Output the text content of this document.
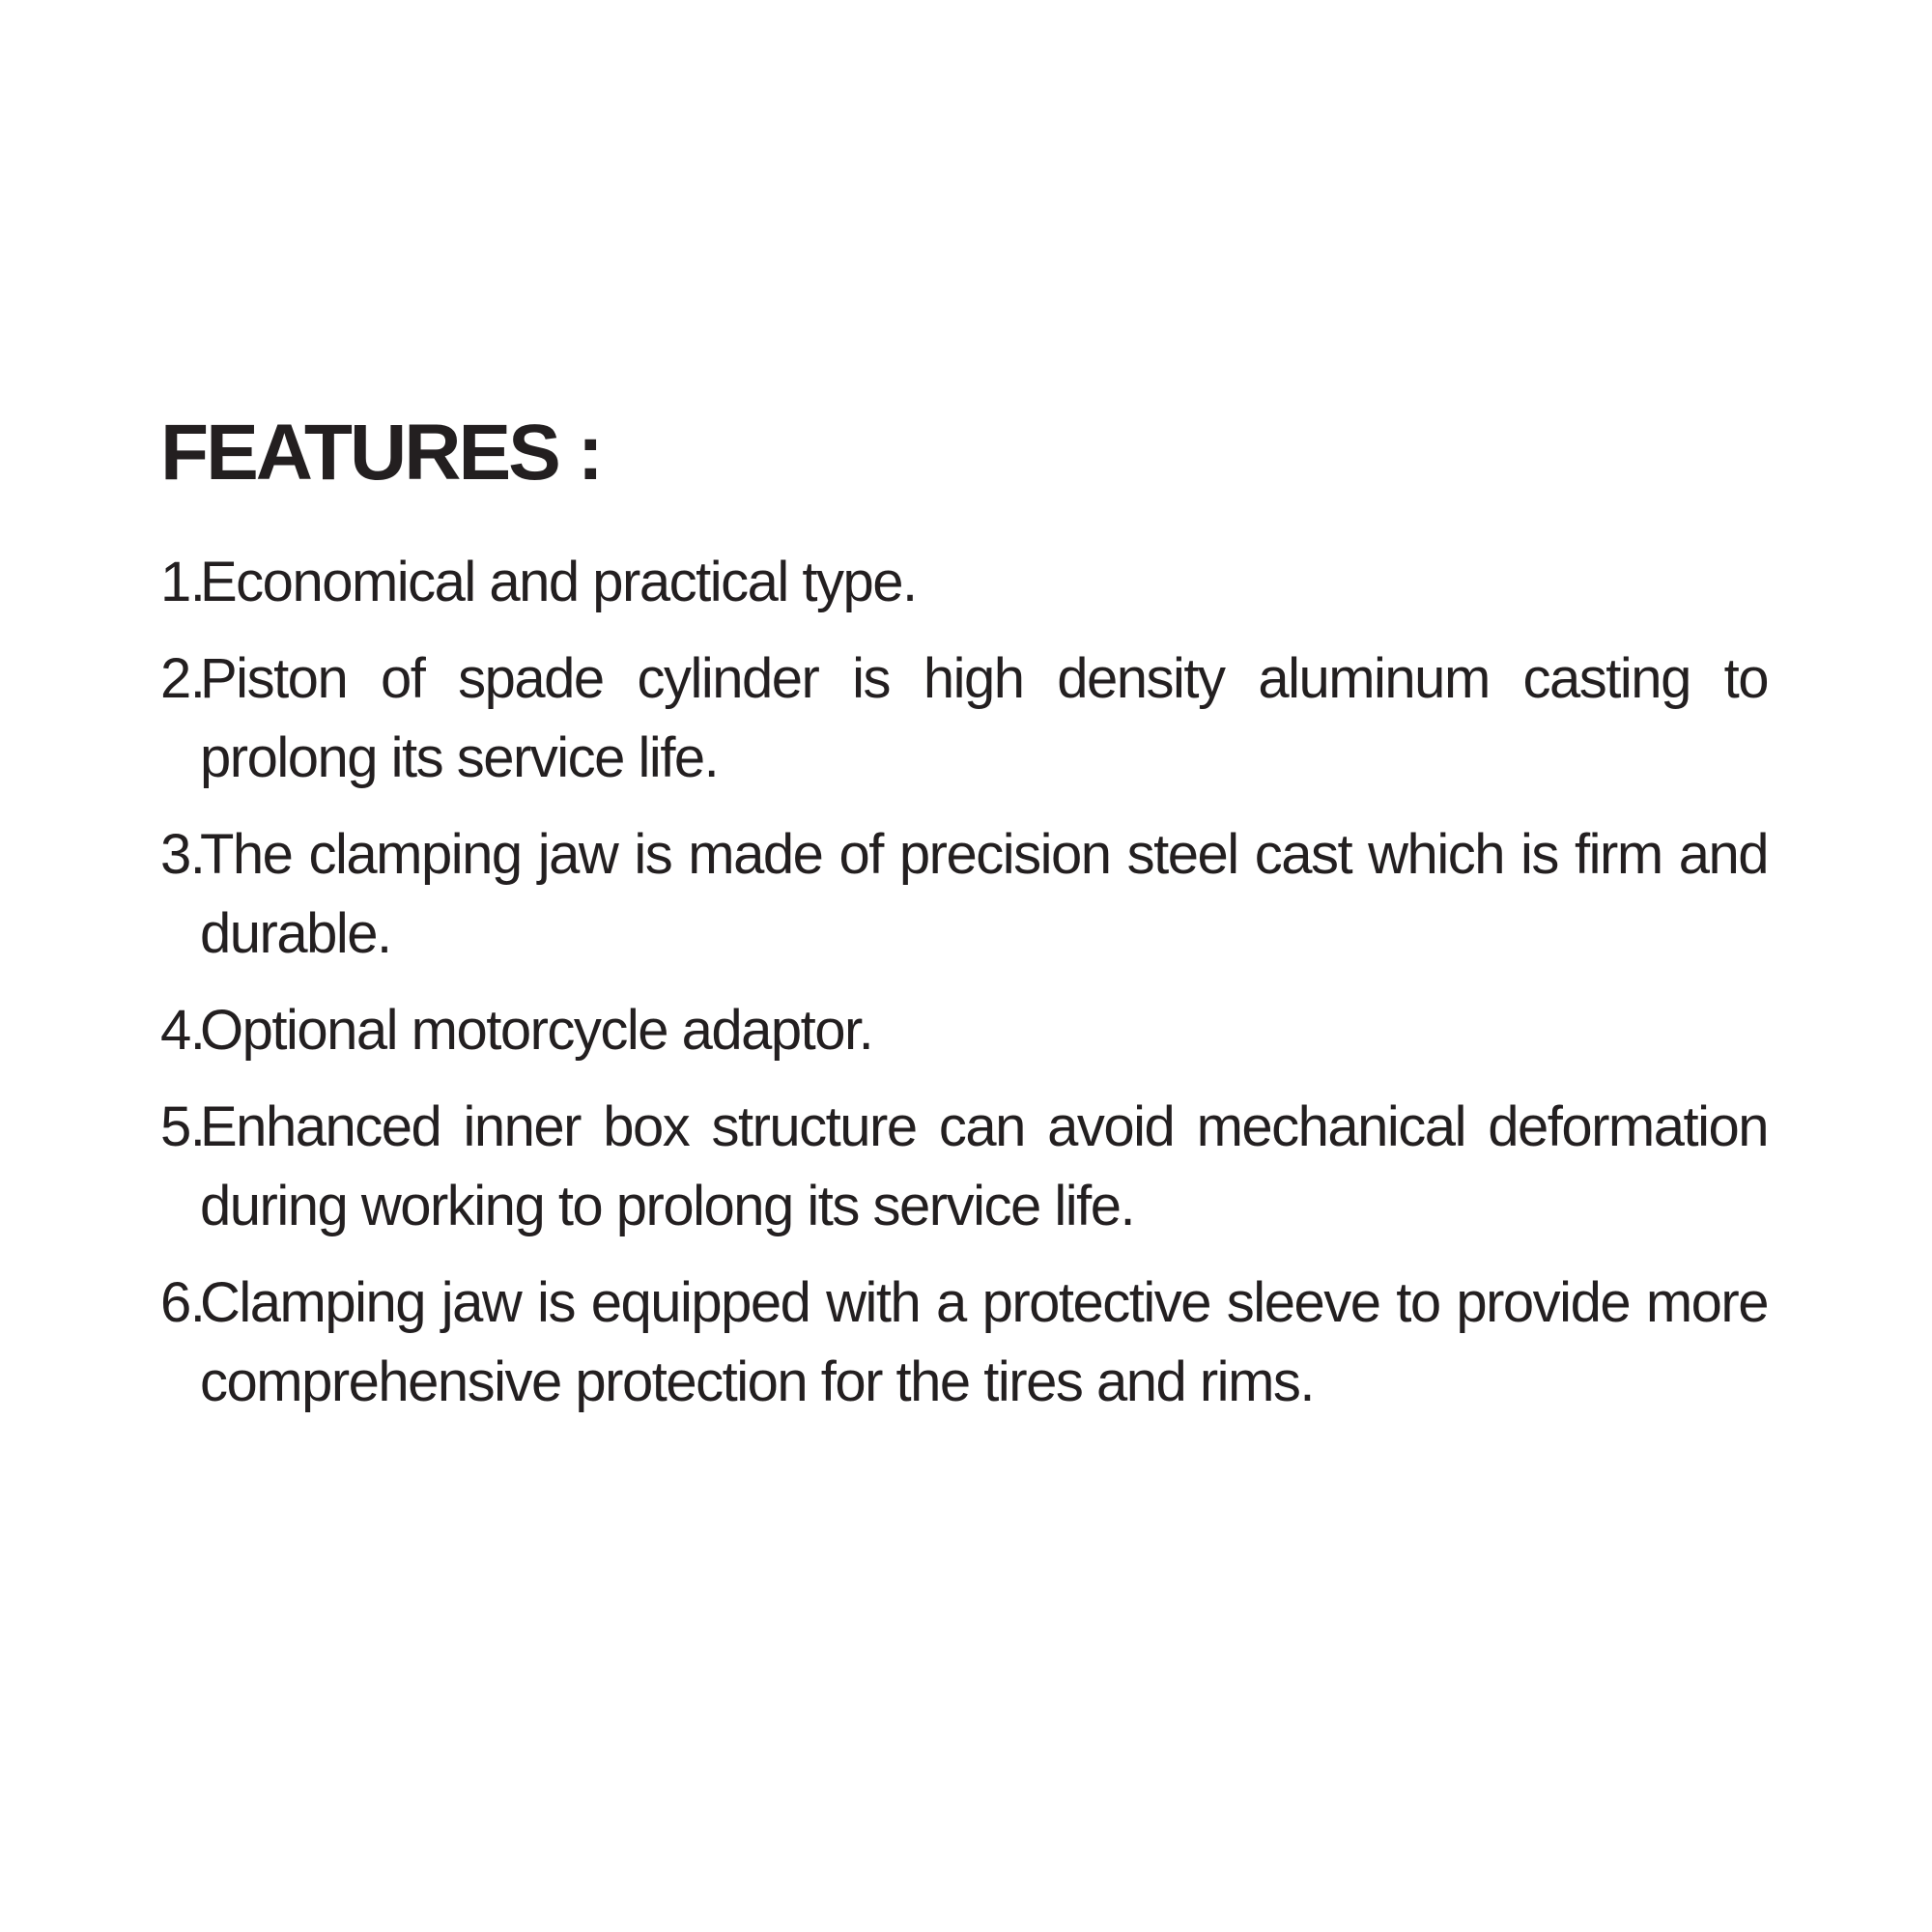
FEATURES :
1.
Economical and practical type.
2.
Piston of spade cylinder is high density aluminum casting to prolong its service life.
3.
The clamping jaw is made of precision steel cast which is firm and durable.
4.
Optional motorcycle adaptor.
5.
Enhanced inner box structure can avoid mechanical deformation during working to prolong its service life.
6.
Clamping jaw is equipped with a protective sleeve to provide more comprehensive protection for the tires and rims.
